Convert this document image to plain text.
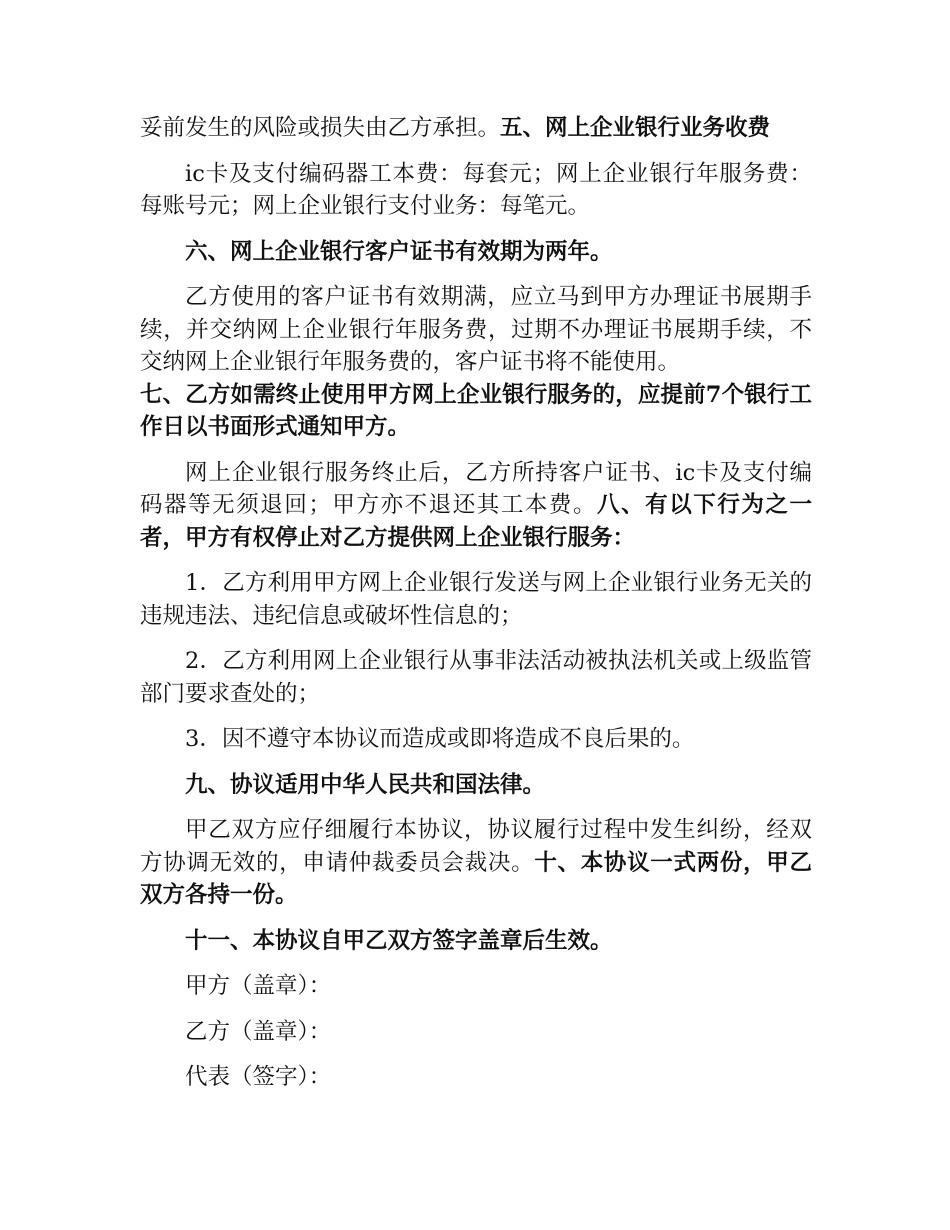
妥前发生的风险或损失由乙方承担。五、网上企业银行业务收费

ic卡及支付编码器工本费：每套元；网上企业银行年服务费：每账号元；网上企业银行支付业务：每笔元。

六、网上企业银行客户证书有效期为两年。

乙方使用的客户证书有效期满，应立马到甲方办理证书展期手续，并交纳网上企业银行年服务费，过期不办理证书展期手续，不交纳网上企业银行年服务费的，客户证书将不能使用。

七、乙方如需终止使用甲方网上企业银行服务的，应提前7个银行工作日以书面形式通知甲方。

网上企业银行服务终止后，乙方所持客户证书、ic卡及支付编码器等无须退回；甲方亦不退还其工本费。八、有以下行为之一者，甲方有权停止对乙方提供网上企业银行服务：

1．乙方利用甲方网上企业银行发送与网上企业银行业务无关的违规违法、违纪信息或破坏性信息的；

2．乙方利用网上企业银行从事非法活动被执法机关或上级监管部门要求查处的；

3．因不遵守本协议而造成或即将造成不良后果的。

九、协议适用中华人民共和国法律。

甲乙双方应仔细履行本协议，协议履行过程中发生纠纷，经双方协调无效的，申请仲裁委员会裁决。十、本协议一式两份，甲乙双方各持一份。

十一、本协议自甲乙双方签字盖章后生效。

甲方（盖章）：

乙方（盖章）：

代表（签字）：
